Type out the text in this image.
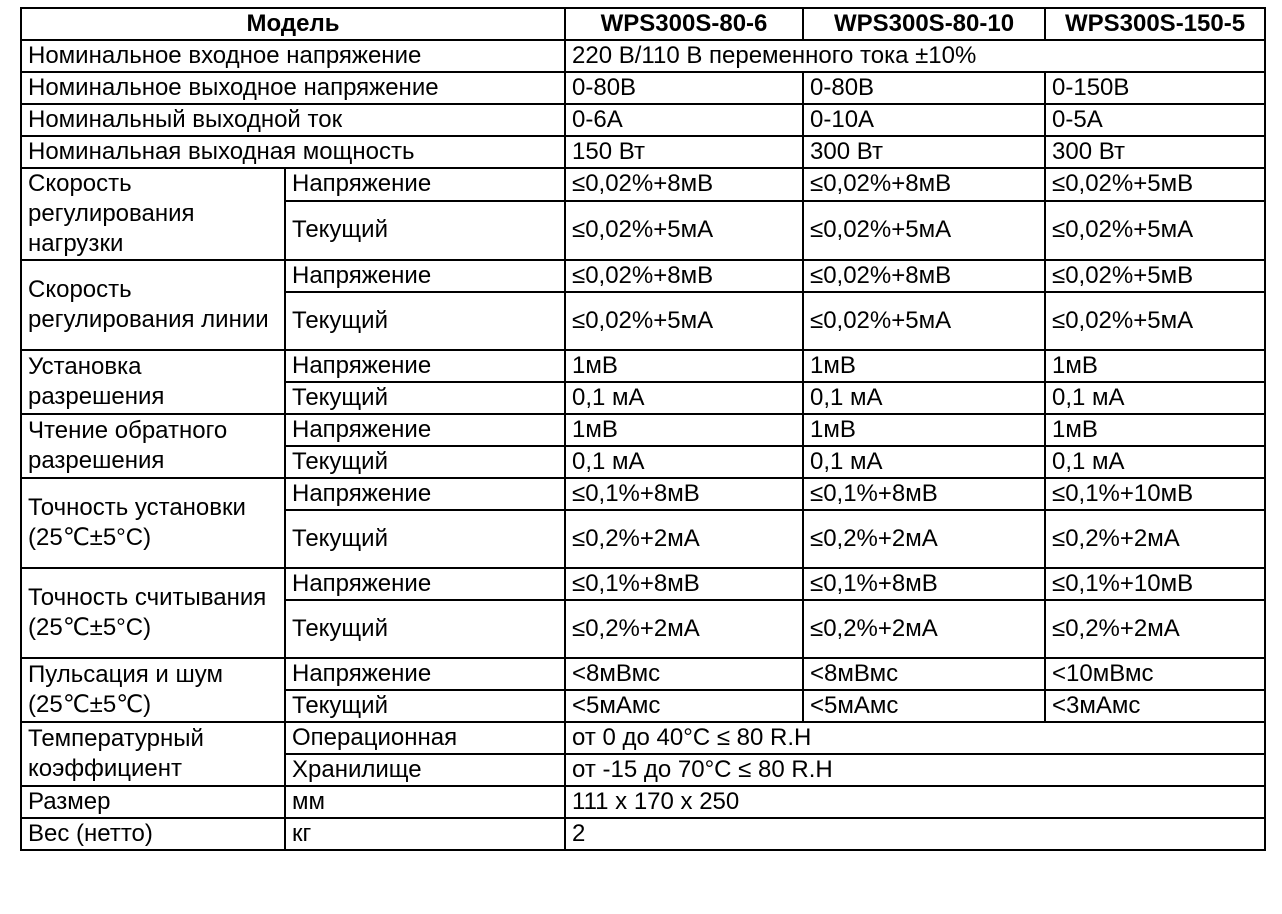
Модель		WPS300S-80-6	WPS300S-80-10	WPS300S-150-5
Номинальное входное напряжение		220 В/110 В переменного тока ±10%		
Номинальное выходное напряжение		0-80В	0-80В	0-150В
Номинальный выходной ток		0-6A	0-10A	0-5A
Номинальная выходная мощность		150 Вт	300 Вт	300 Вт
Скорость регулирования нагрузки	Напряжение	≤0,02%+8мВ	≤0,02%+8мВ	≤0,02%+5мВ
	Текущий	≤0,02%+5мА	≤0,02%+5мА	≤0,02%+5мА
Скорость регулирования линии	Напряжение	≤0,02%+8мВ	≤0,02%+8мВ	≤0,02%+5мВ
	Текущий	≤0,02%+5мА	≤0,02%+5мА	≤0,02%+5мА
Установка разрешения	Напряжение	1мВ	1мВ	1мВ
	Текущий	0,1 мА	0,1 мА	0,1 мА
Чтение обратного разрешения	Напряжение	1мВ	1мВ	1мВ
	Текущий	0,1 мА	0,1 мА	0,1 мА
Точность установки (25℃±5°C)	Напряжение	≤0,1%+8мВ	≤0,1%+8мВ	≤0,1%+10мВ
	Текущий	≤0,2%+2мА	≤0,2%+2мА	≤0,2%+2мА
Точность считывания (25℃±5°C)	Напряжение	≤0,1%+8мВ	≤0,1%+8мВ	≤0,1%+10мВ
	Текущий	≤0,2%+2мА	≤0,2%+2мА	≤0,2%+2мА
Пульсация и шум (25℃±5℃)	Напряжение	<8мВмс	<8мВмс	<10мВмс
	Текущий	<5мАмс	<5мАмс	<3мАмс
Температурный коэффициент	Операционная	от 0 до 40°C ≤ 80 R.H		
	Хранилище	от -15 до 70°C ≤ 80 R.H		
Размер	мм	111 x 170 x 250		
Вес (нетто)	кг	2		
